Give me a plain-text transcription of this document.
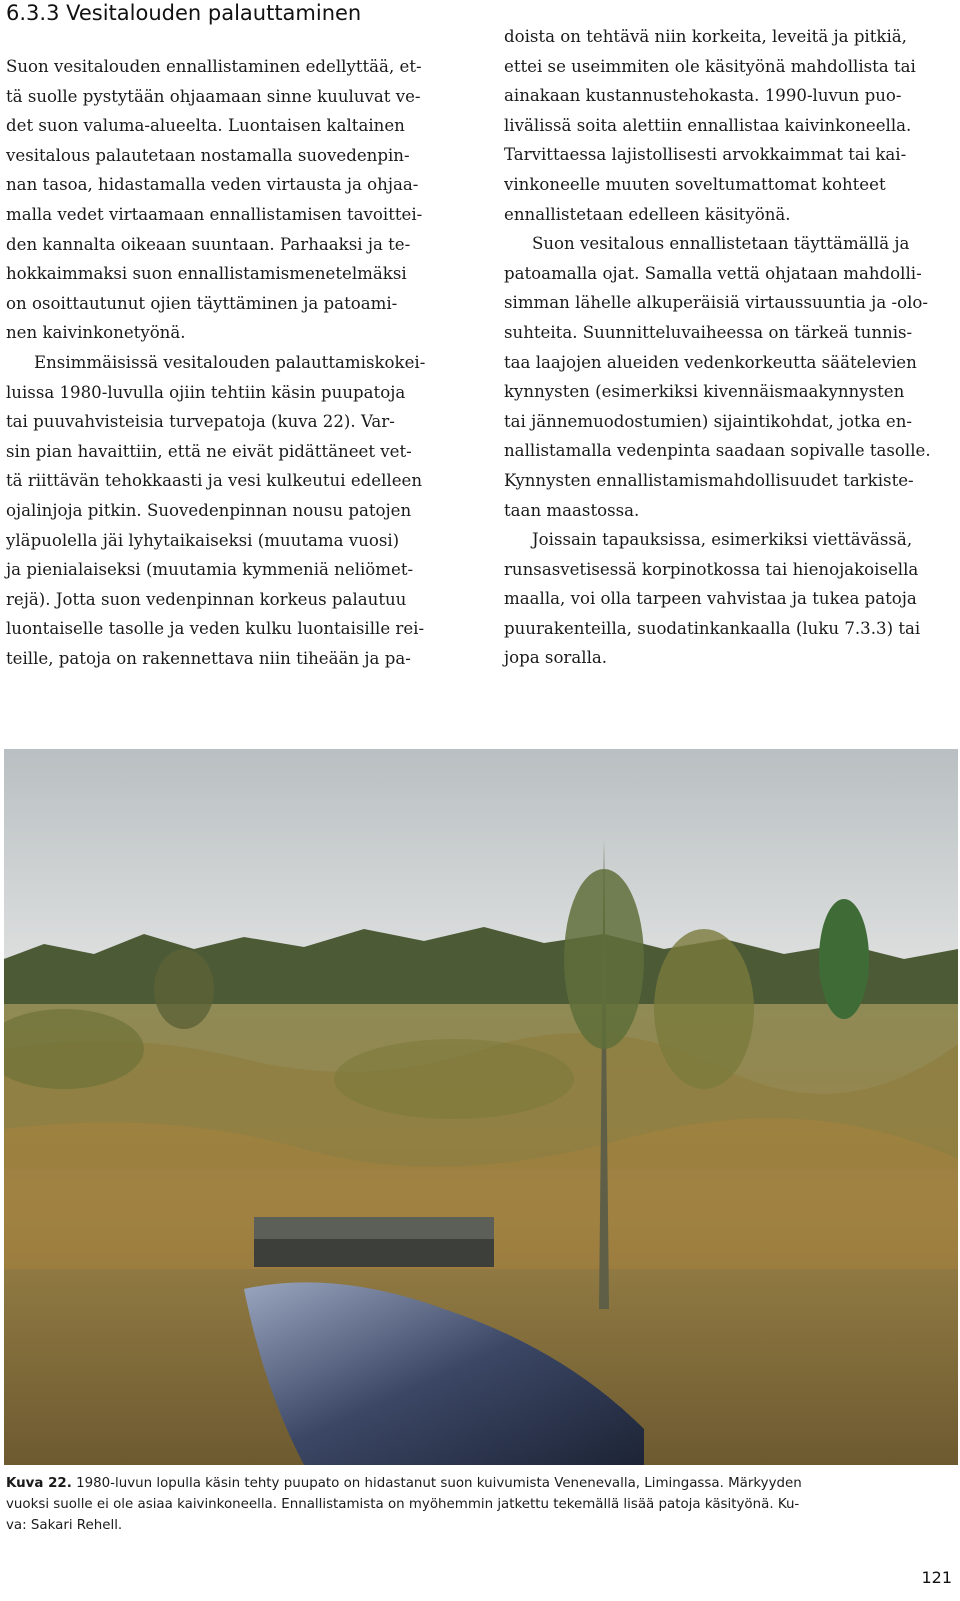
6.3.3 Vesitalouden palauttaminen

Suon vesitalouden ennallistaminen edellyttää, et-
tä suolle pystytään ohjaamaan sinne kuuluvat ve-
det suon valuma-alueelta. Luontaisen kaltainen
vesitalous palautetaan nostamalla suovedenpin-
nan tasoa, hidastamalla veden virtausta ja ohjaa-
malla vedet virtaamaan ennallistamisen tavoittei-
den kannalta oikeaan suuntaan. Parhaaksi ja te-
hokkaimmaksi suon ennallistamismenetelmäksi
on osoittautunut ojien täyttäminen ja patoami-
nen kaivinkonetyönä.

Ensimmäisissä vesitalouden palauttamiskokei-
luissa 1980-luvulla ojiin tehtiin käsin puupatoja
tai puuvahvisteisia turvepatoja (kuva 22). Var-
sin pian havaittiin, että ne eivät pidättäneet vet-
tä riittävän tehokkaasti ja vesi kulkeutui edelleen
ojalinjoja pitkin. Suovedenpinnan nousu patojen
yläpuolella jäi lyhytaikaiseksi (muutama vuosi)
ja pienialaiseksi (muutamia kymmeniä neliömet-
rejä). Jotta suon vedenpinnan korkeus palautuu
luontaiselle tasolle ja veden kulku luontaisille rei-
teille, patoja on rakennettava niin tiheään ja pa-

doista on tehtävä niin korkeita, leveitä ja pitkiä,
ettei se useimmiten ole käsityönä mahdollista tai
ainakaan kustannustehokasta. 1990-luvun puo-
livälissä soita alettiin ennallistaa kaivinkoneella.
Tarvittaessa lajistollisesti arvokkaimmat tai kai-
vinkoneelle muuten soveltumattomat kohteet
ennallistetaan edelleen käsityönä.

Suon vesitalous ennallistetaan täyttämällä ja
patoamalla ojat. Samalla vettä ohjataan mahdolli-
simman lähelle alkuperäisiä virtaussuuntia ja -olo-
suhteita. Suunnitteluvaiheessa on tärkeä tunnis-
taa laajojen alueiden vedenkorkeutta säätelevien
kynnysten (esimerkiksi kivennäismaakynnysten
tai jännemuodostumien) sijaintikohdat, jotka en-
nallistamalla vedenpinta saadaan sopivalle tasolle.
Kynnysten ennallistamismahdollisuudet tarkiste-
taan maastossa.

Joissain tapauksissa, esimerkiksi viettävässä,
runsasvetisessä korpinotkossa tai hienojakoisella
maalla, voi olla tarpeen vahvistaa ja tukea patoja
puurakenteilla, suodatinkankaalla (luku 7.3.3) tai
jopa soralla.

Kuva 22. 1980-luvun lopulla käsin tehty puupato on hidastanut suon kuivumista Venenevalla, Limingassa. Märkyyden
vuoksi suolle ei ole asiaa kaivinkoneella. Ennallistamista on myöhemmin jatkettu tekemällä lisää patoja käsityönä. Ku-
va: Sakari Rehell.

121
